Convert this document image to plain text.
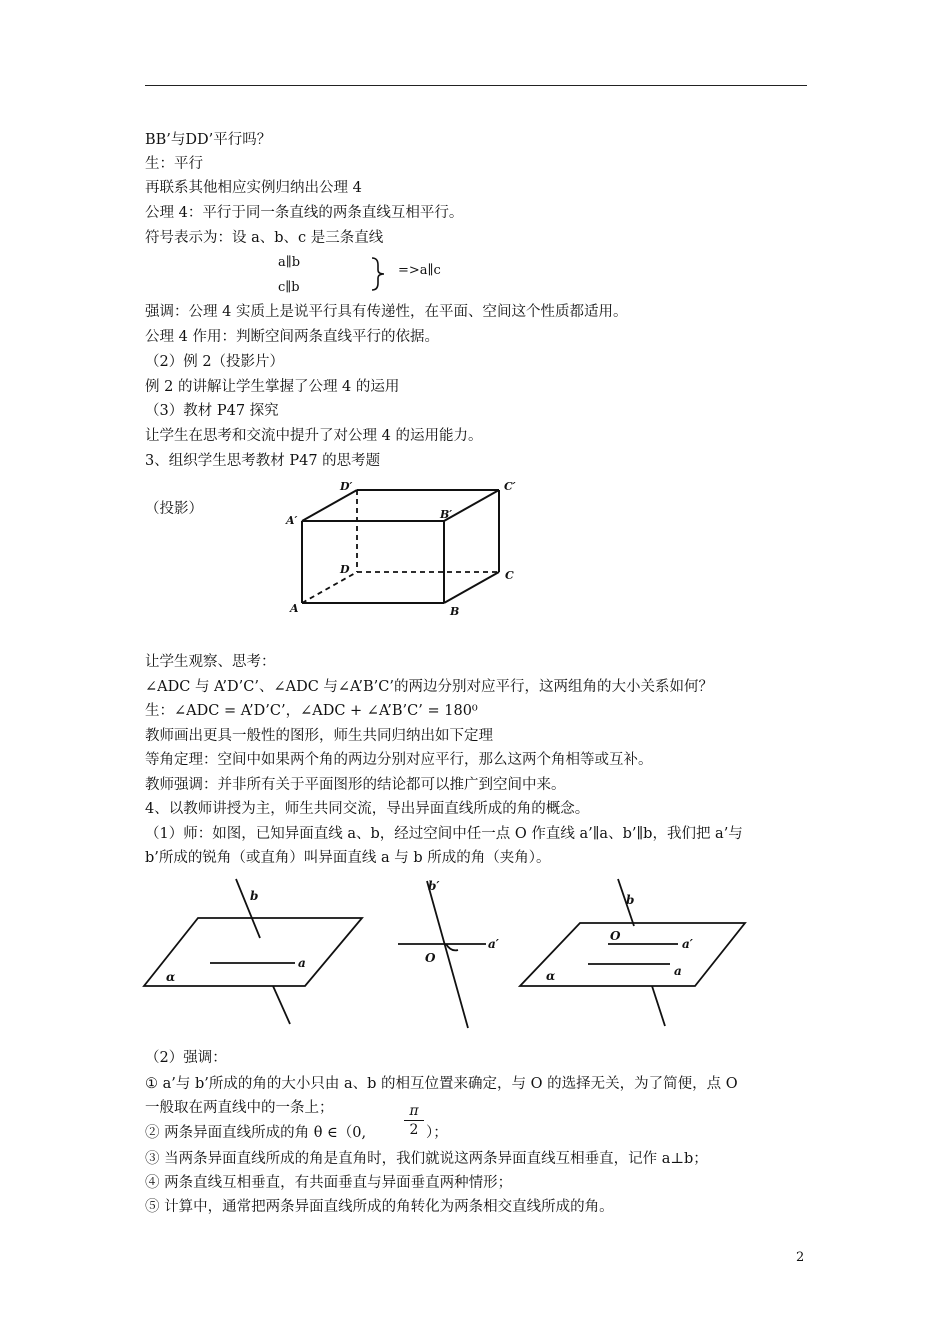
BB’与DD’平行吗？
生：平行
再联系其他相应实例归纳出公理 4
公理 4：平行于同一条直线的两条直线互相平行。
符号表示为：设 a、b、c 是三条直线
a∥b
c∥b
=>a∥c
强调：公理 4 实质上是说平行具有传递性，在平面、空间这个性质都适用。
公理 4 作用：判断空间两条直线平行的依据。
（2）例 2（投影片）
例 2 的讲解让学生掌握了公理 4 的运用
（3）教材 P47 探究
让学生在思考和交流中提升了对公理 4 的运用能力。
3、组织学生思考教材 P47 的思考题
（投影）
D′	C′
A′	B′
D	C
A	B
让学生观察、思考：
∠ADC 与 A’D’C’、∠ADC 与∠A’B’C’的两边分别对应平行，这两组角的大小关系如何？
生：∠ADC = A’D’C’，∠ADC + ∠A’B’C’ = 180⁰
教师画出更具一般性的图形，师生共同归纳出如下定理
等角定理：空间中如果两个角的两边分别对应平行，那么这两个角相等或互补。
教师强调：并非所有关于平面图形的结论都可以推广到空间中来。
4、以教师讲授为主，师生共同交流，导出异面直线所成的角的概念。
（1）师：如图，已知异面直线 a、b，经过空间中任一点 O 作直线 a’∥a、b’∥b，我们把 a’与
b’所成的锐角（或直角）叫异面直线 a 与 b 所成的角（夹角）。
b
a
α
b′
a′
O
b
a′
O
a
α
（2）强调：
① a’与 b’所成的角的大小只由 a、b 的相互位置来确定，与 O 的选择无关，为了简便，点 O
一般取在两直线中的一条上；
② 两条异面直线所成的角 θ ∈（0,
π
2 ）；
③ 当两条异面直线所成的角是直角时，我们就说这两条异面直线互相垂直，记作 a⊥b；
④ 两条直线互相垂直，有共面垂直与异面垂直两种情形；
⑤ 计算中，通常把两条异面直线所成的角转化为两条相交直线所成的角。
2
